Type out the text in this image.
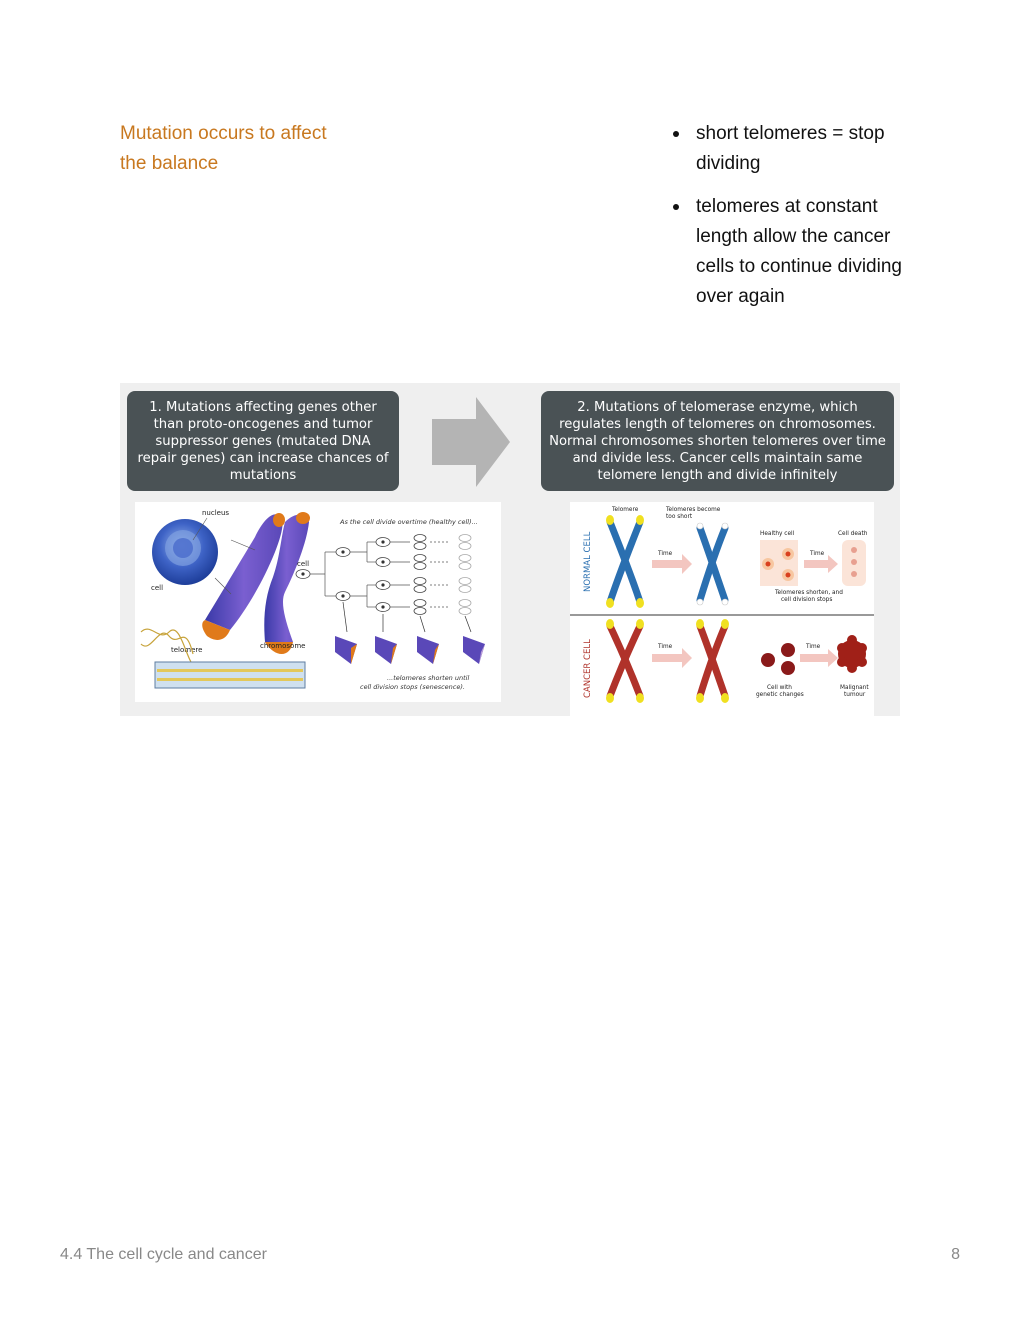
Mutation occurs to affect
the balance
short telomeres = stop dividing
telomeres at constant length allow the cancer cells to continue dividing over again
1. Mutations affecting genes other than proto-oncogenes and tumor suppressor genes (mutated DNA repair genes) can increase chances of mutations
2. Mutations of telomerase enzyme, which regulates length of telomeres on chromosomes. Normal chromosomes shorten telomeres over time and divide less. Cancer cells maintain same telomere length and divide infinitely
nucleus
cell
chromosome
telomere
As the cell divide overtime (healthy cell)...
cell
...telomeres shorten until
cell division stops (senescence).
NORMAL CELL
CANCER CELL
Telomere	Telomeres become
too short
Time
Healthy cell	Cell death
Time
Telomeres shorten, and
cell division stops
Time	Time
Cell with
genetic changes
Malignant
tumour
4.4 The cell cycle and cancer	8
